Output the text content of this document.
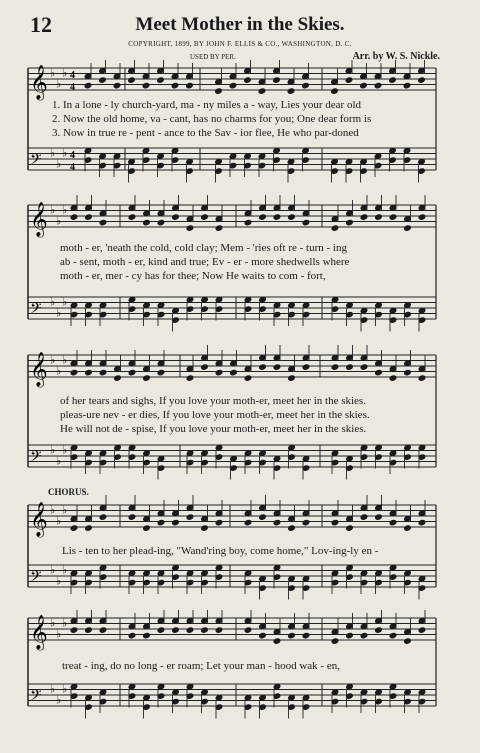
12	Meet Mother in the Skies.
COPYRIGHT, 1899, BY JOHN F. ELLIS & CO., WASHINGTON, D. C.
USED BY PER.	Arr. by W. S. Nickle.
𝄞 ♭
♭
♭ 4
4
𝄢 ♭
♭
♭ 4
4
1. In a lone - ly church-yard, ma - ny miles a - way, Lies your dear old
2. Now the old home, va - cant, has no charms for you; One dear form is
3. Now in true re - pent - ance to the Sav - ior flee, He who par-doned
𝄞 ♭
♭
♭
𝄢 ♭
♭
♭
moth - er, 'neath the cold, cold clay; Mem - 'ries oft re - turn - ing
ab - sent, moth - er, kind and true; Ev - er - more shedwells where
moth - er, mer - cy has for thee; Now He waits to com - fort,
𝄞 ♭
♭
♭
𝄢 ♭
♭
♭
of her tears and sighs, If you love your moth-er, meet her in the skies.
pleas-ure nev - er dies, If you love your moth-er, meet her in the skies.
He will not de - spise, If you love your moth-er, meet her in the skies.
CHORUS.
𝄞 ♭
♭
♭
𝄢 ♭
♭
♭
Lis - ten to her plead-ing, "Wand'ring boy, come home," Lov-ing-ly en -
𝄞 ♭
♭
♭
𝄢 ♭
♭
♭
treat - ing, do no long - er roam; Let your man - hood wak - en,
